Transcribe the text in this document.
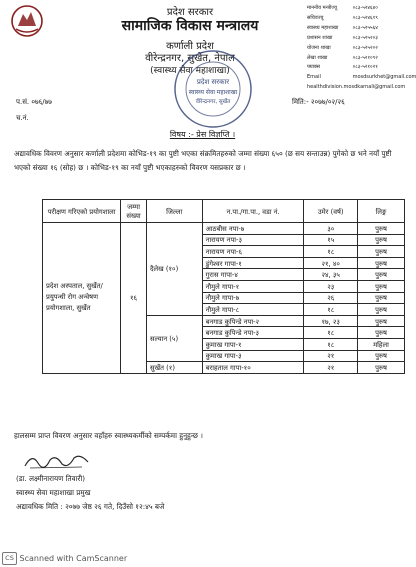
प्रदेश सरकार
सामाजिक विकास मन्त्रालय
कर्णाली प्रदेश
वीरेन्द्रनगर, सुर्खेत, नेपाल
(स्वास्थ्य सेवा महाशाखा)
माननीय मन्त्रीज्यू	०८३-५२४६४०
सचिवज्यू	०८३-५२४६१९
स्वास्थ्य महाशाखा	०८३-५२५५६४
प्रशासन शाखा	०८३-५२५२०३
योजना शाखा	०८३-५२५२०२
लेखा शाखा	०८३-५२१०९२
फ्याक्स	०८३-५२१०२१
Email	mosdsurkhet@gmail.com
healthdivision.mosdkarnali@gmail.com
प्रदेश सरकार
स्वास्थ्य सेवा महाशाखा
वीरेन्द्रनगर, सुर्खेत
प.सं. ०७६/७७
च.नं.
मिति:- २०७७/०२/२६
विषय :- प्रेस विज्ञप्ति ।
अद्यावधिक विवरण अनुसार कर्णाली प्रदेशमा कोभिड-१९ का पुष्टी भएका संक्रमितहरुको जम्मा संख्या ६५० (छ सय सन्ताउन्न) पुगेको छ भने नयाँ पुष्टी भएको संख्या १६ (सोह) छ । कोभिड-१९ का नयाँ पुष्टी भएकाहरुको विवरण यसप्रकार छ ।
परीक्षण गरिएको प्रयोगशाला	जम्मा संख्या	जिल्ला	न.पा./गा.पा., वडा नं.	उमेर (वर्ष)	लिङ्ग
प्रदेश अस्पताल, सुर्खेत/ प्रयुपन्धी रोग अन्वेषण प्रयोगशाला, सुर्खेत	१६	दैलेख (१०)	आठबीस नपा-७	३०	पुरुष
			नारायण नपा-३	१५	पुरुष
			नारायण नपा-६	१८	पुरुष
			डुंगेश्वर गापा-१	२१, ४०	पुरुष
			गुरास गापा-४	२४, ३५	पुरुष
			नौमुले गापा-१	२३	पुरुष
			नौमुले गापा-७	२६	पुरुष
			नौमुले गापा-८	१८	पुरुष
		सल्यान (५)	बनगाड कुपिन्डे नपा-२	१७, २३	पुरुष
			बनगाड कुपिन्डे नपा-३	१८	पुरुष
			कुमाख गापा-१	१८	महिला
			कुमाख गापा-३	२१	पुरुष
		सुर्खेत (१)	बराहताल गापा-१०	२१	पुरुष
हालसम्म प्राप्त विवरण अनुसार वहाँहरु स्वास्थ्यकर्मीको सम्पर्कमा हुनुहुन्छ ।
(डा. लक्ष्मीनारायण तिवारी)
स्वास्थ्य सेवा महाशाखा प्रमुख
अद्यावधिक मिति : २०७७ जेष्ठ २६ गते, दिउँसो १२:४५ बजे
CS Scanned with CamScanner
